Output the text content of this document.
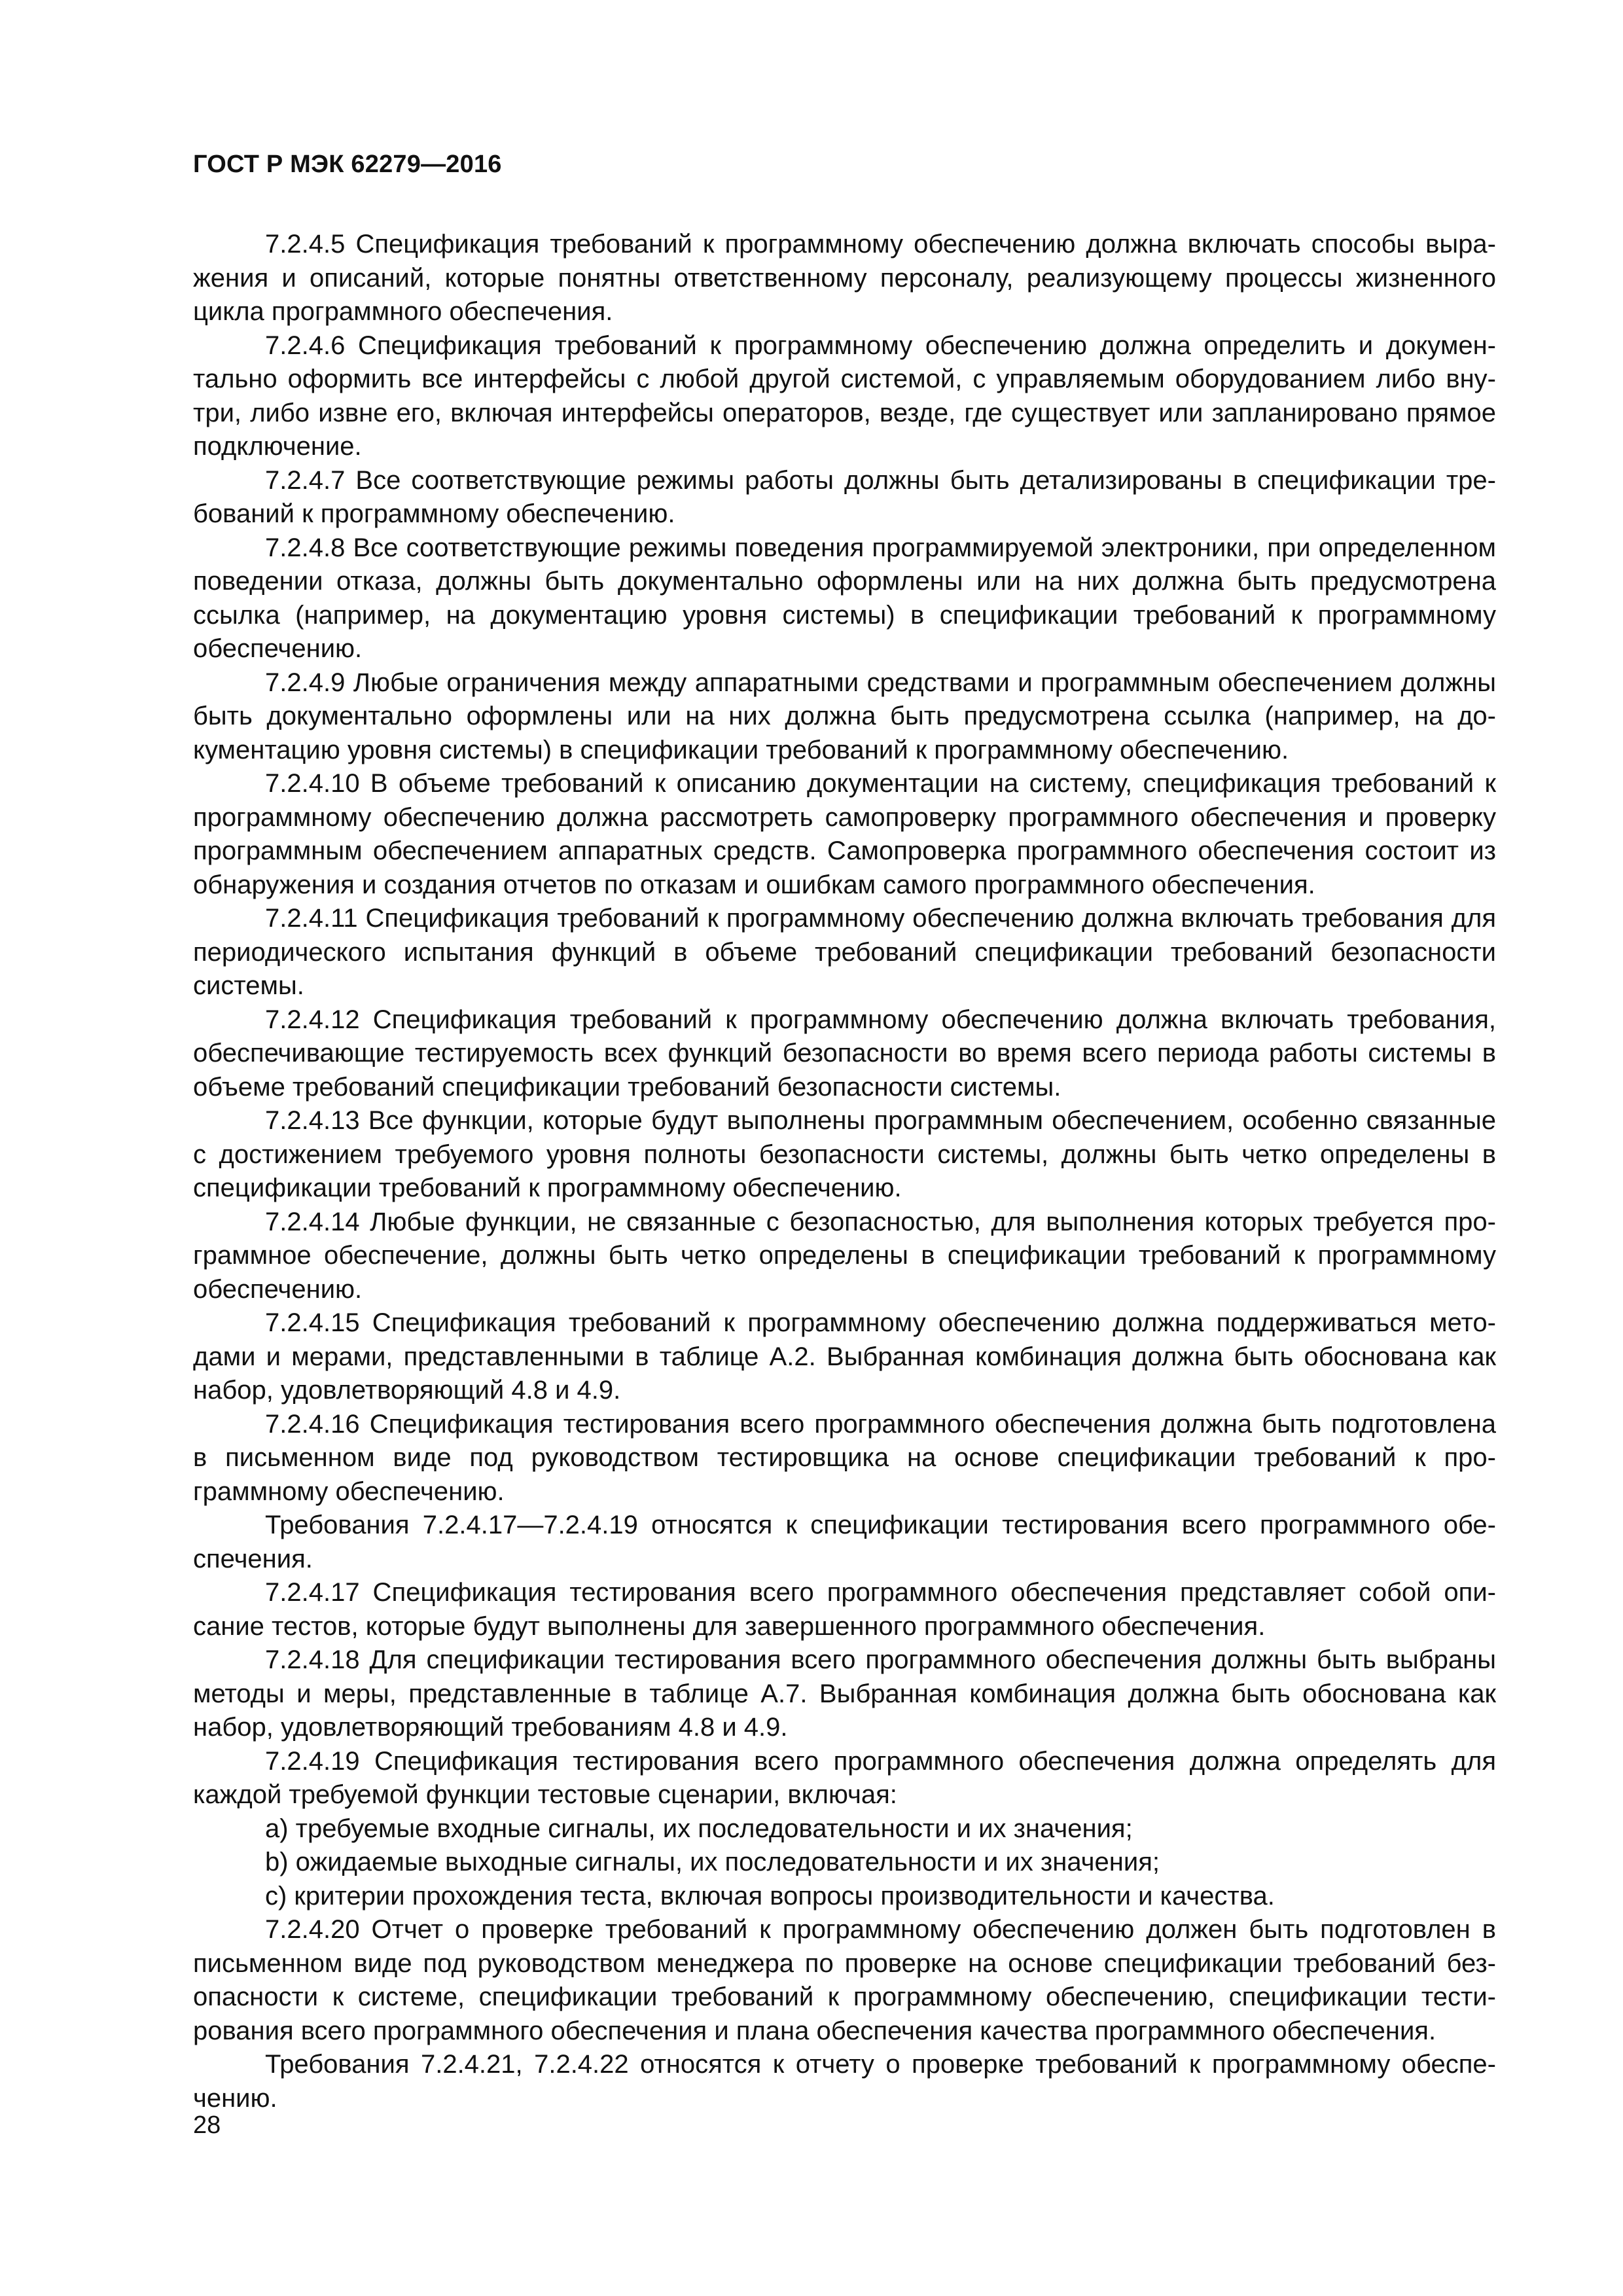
ГОСТ Р МЭК 62279—2016

7.2.4.5 Спецификация требований к программному обеспечению должна включать способы выражения и описаний, которые понятны ответственному персоналу, реализующему процессы жизненного цикла программного обеспечения.

7.2.4.6 Спецификация требований к программному обеспечению должна определить и документально оформить все интерфейсы с любой другой системой, с управляемым оборудованием либо внутри, либо извне его, включая интерфейсы операторов, везде, где существует или запланировано прямое подключение.

7.2.4.7 Все соответствующие режимы работы должны быть детализированы в спецификации требований к программному обеспечению.

7.2.4.8 Все соответствующие режимы поведения программируемой электроники, при определенном поведении отказа, должны быть документально оформлены или на них должна быть предусмотрена ссылка (например, на документацию уровня системы) в спецификации требований к программному обеспечению.

7.2.4.9 Любые ограничения между аппаратными средствами и программным обеспечением должны быть документально оформлены или на них должна быть предусмотрена ссылка (например, на документацию уровня системы) в спецификации требований к программному обеспечению.

7.2.4.10 В объеме требований к описанию документации на систему, спецификация требований к программному обеспечению должна рассмотреть самопроверку программного обеспечения и проверку программным обеспечением аппаратных средств. Самопроверка программного обеспечения состоит из обнаружения и создания отчетов по отказам и ошибкам самого программного обеспечения.

7.2.4.11 Спецификация требований к программному обеспечению должна включать требования для периодического испытания функций в объеме требований спецификации требований безопасности системы.

7.2.4.12 Спецификация требований к программному обеспечению должна включать требования, обеспечивающие тестируемость всех функций безопасности во время всего периода работы системы в объеме требований спецификации требований безопасности системы.

7.2.4.13 Все функции, которые будут выполнены программным обеспечением, особенно связанные с достижением требуемого уровня полноты безопасности системы, должны быть четко определены в спецификации требований к программному обеспечению.

7.2.4.14 Любые функции, не связанные с безопасностью, для выполнения которых требуется программное обеспечение, должны быть четко определены в спецификации требований к программному обеспечению.

7.2.4.15 Спецификация требований к программному обеспечению должна поддерживаться методами и мерами, представленными в таблице А.2. Выбранная комбинация должна быть обоснована как набор, удовлетворяющий 4.8 и 4.9.

7.2.4.16 Спецификация тестирования всего программного обеспечения должна быть подготовлена в письменном виде под руководством тестировщика на основе спецификации требований к программному обеспечению.

Требования 7.2.4.17—7.2.4.19 относятся к спецификации тестирования всего программного обеспечения.

7.2.4.17 Спецификация тестирования всего программного обеспечения представляет собой описание тестов, которые будут выполнены для завершенного программного обеспечения.

7.2.4.18 Для спецификации тестирования всего программного обеспечения должны быть выбраны методы и меры, представленные в таблице А.7. Выбранная комбинация должна быть обоснована как набор, удовлетворяющий требованиям 4.8 и 4.9.

7.2.4.19 Спецификация тестирования всего программного обеспечения должна определять для каждой требуемой функции тестовые сценарии, включая:

a) требуемые входные сигналы, их последовательности и их значения;

b) ожидаемые выходные сигналы, их последовательности и их значения;

c) критерии прохождения теста, включая вопросы производительности и качества.

7.2.4.20 Отчет о проверке требований к программному обеспечению должен быть подготовлен в письменном виде под руководством менеджера по проверке на основе спецификации требований безопасности к системе, спецификации требований к программному обеспечению, спецификации тестирования всего программного обеспечения и плана обеспечения качества программного обеспечения.

Требования 7.2.4.21, 7.2.4.22 относятся к отчету о проверке требований к программному обеспечению.

28
